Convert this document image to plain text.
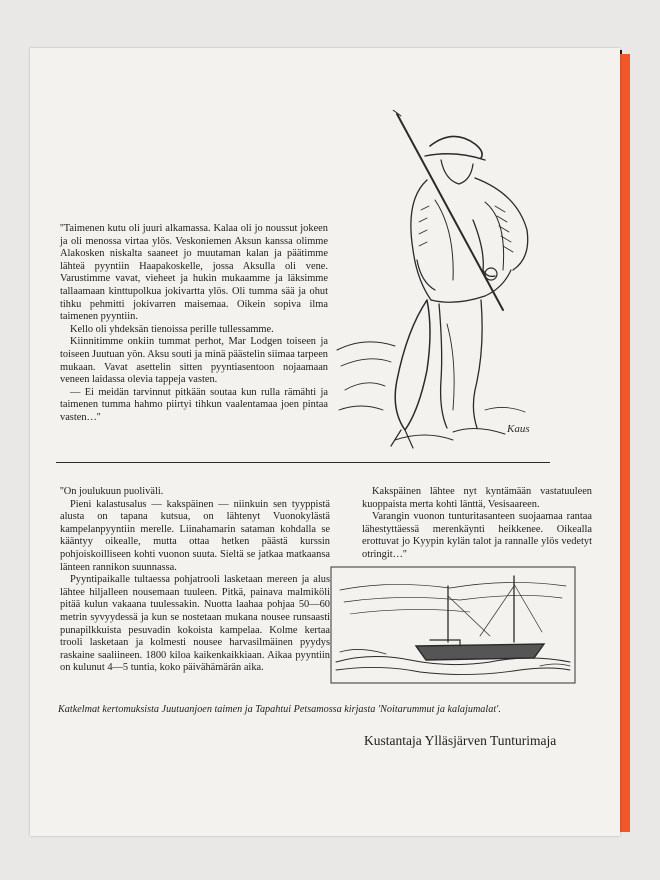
Kaus

''Taimenen kutu oli juuri alkamassa. Kalaa oli jo noussut jokeen ja oli menossa virtaa ylös. Veskoniemen Aksun kanssa olimme Alakosken niskalta saaneet jo muutaman kalan ja päätimme lähteä pyyntiin Haapakoskelle, jossa Aksulla oli vene. Varustimme vavat, vieheet ja hukin mukaamme ja läksimme tallaamaan kinttupolkua jokivartta ylös. Oli tumma sää ja ohut tihku pehmitti jokivarren maisemaa. Oikein sopiva ilma taimenen pyyntiin.

Kello oli yhdeksän tienoissa perille tullessamme.

Kiinnitimme onkiin tummat perhot, Mar Lodgen toiseen ja toiseen Juutuan yön. Aksu souti ja minä päästelin siimaa tarpeen mukaan. Vavat asettelin sitten pyyntiasentoon nojaamaan veneen laidassa olevia tappeja vasten.

— Ei meidän tarvinnut pitkään soutaa kun rulla rämähti ja taimenen tumma hahmo piirtyi tihkun vaalentamaa joen pintaa vasten…''

''On joulukuun puoliväli.

Pieni kalastusalus — kakspäinen — niinkuin sen tyyppistä alusta on tapana kutsua, on lähtenyt Vuonokylästä kampelanpyyntiin merelle. Liinahamarin sataman kohdalla se kääntyy oikealle, mutta ottaa hetken päästä kurssin pohjoiskoilliseen kohti vuonon suuta. Sieltä se jatkaa matkaansa länteen rannikon suunnassa.

Pyyntipaikalle tultaessa pohjatrooli lasketaan mereen ja alus lähtee hiljalleen nousemaan tuuleen. Pitkä, painava malmiköli pitää kulun vakaana tuulessakin. Nuotta laahaa pohjaa 50—60 metrin syvyydessä ja kun se nostetaan mukana nousee runsaasti punapilkkuista pesuvadin kokoista kampelaa. Kolme kertaa trooli lasketaan ja kolmesti nousee harvasilmäinen pyydys raskaine saaliineen. 1800 kiloa kaikenkaikkiaan. Aikaa pyyntiin on kulunut 4—5 tuntia, koko päivähämärän aika.

Kakspäinen lähtee nyt kyntämään vastatuuleen kuoppaista merta kohti länttä, Vesisaareen.

Varangin vuonon tunturitasanteen suojaamaa rantaa lähestyttäessä merenkäynti heikkenee. Oikealla erottuvat jo Kyypin kylän talot ja rannalle ylös vedetyt otringit…''

Katkelmat kertomuksista Juutuanjoen taimen ja Tapahtui Petsamossa kirjasta 'Noitarummut ja kalajumalat'.
Kustantaja Ylläsjärven Tunturimaja
